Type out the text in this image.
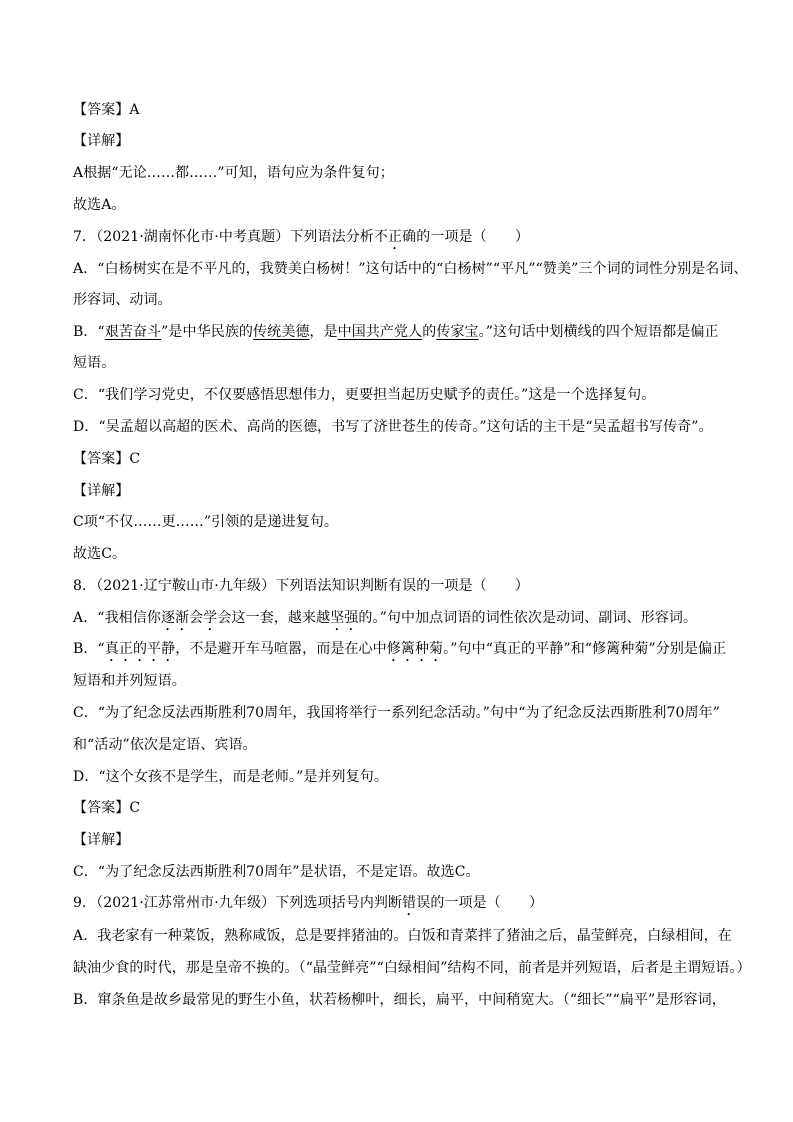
【答案】A
【详解】
A根据“无论……都……”可知，语句应为条件复句；
故选A。
7．（2021·湖南怀化市·中考真题）下列语法分析不正确的一项是（　　）
A．“白杨树实在是不平凡的，我赞美白杨树！”这句话中的“白杨树”“平凡”“赞美”三个词的词性分别是名词、
形容词、动词。
B．“艰苦奋斗”是中华民族的传统美德，是中国共产党人的传家宝。”这句话中划横线的四个短语都是偏正
短语。
C．“我们学习党史，不仅要感悟思想伟力，更要担当起历史赋予的责任。”这是一个选择复句。
D．“吴孟超以高超的医术、高尚的医德，书写了济世苍生的传奇。”这句话的主干是“吴孟超书写传奇”。
【答案】C
【详解】
C项“不仅……更……”引领的是递进复句。
故选C。
8．（2021·辽宁鞍山市·九年级）下列语法知识判断有误的一项是（　　）
A．“我相信你逐渐会学会这一套，越来越坚强的。”句中加点词语的词性依次是动词、副词、形容词。
B．“真正的平静，不是避开车马喧嚣，而是在心中修篱种菊。”句中“真正的平静”和“修篱种菊”分别是偏正
短语和并列短语。
C．“为了纪念反法西斯胜利70周年，我国将举行一系列纪念活动。”句中“为了纪念反法西斯胜利70周年”
和“活动”依次是定语、宾语。
D．“这个女孩不是学生，而是老师。”是并列复句。
【答案】C
【详解】
C．“为了纪念反法西斯胜利70周年”是状语，不是定语。故选C。
9．（2021·江苏常州市·九年级）下列选项括号内判断错误的一项是（　　）
A．我老家有一种菜饭，熟称咸饭，总是要拌猪油的。白饭和青菜拌了猪油之后，晶莹鲜亮，白绿相间，在
缺油少食的时代，那是皇帝不换的。（“晶莹鲜亮”“白绿相间”结构不同，前者是并列短语，后者是主谓短语。）
B．窜条鱼是故乡最常见的野生小鱼，状若杨柳叶，细长，扁平，中间稍宽大。（“细长”“扁平”是形容词，
